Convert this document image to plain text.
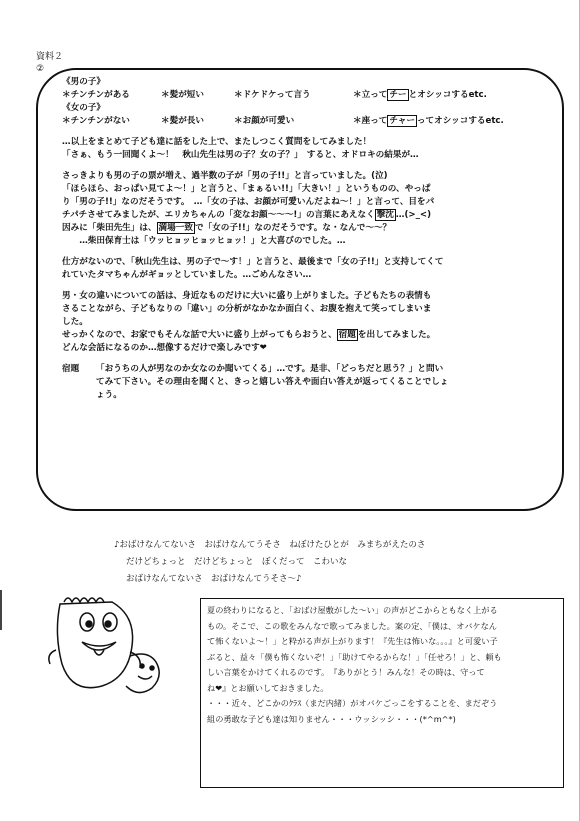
資料２
②
《男の子》
＊チンチンがある	＊髪が短い	＊ドケドケって言う	＊立って チー とオシッコするetc.
《女の子》
＊チンチンがない	＊髪が長い	＊お顔が可愛い	＊座って チャー ってオシッコするetc.
…以上をまとめて子ども達に話をした上で、またしつこく質問をしてみました！
「さぁ、もう一回聞くよ～！　秋山先生は男の子？女の子？」　すると、オドロキの結果が…
さっきよりも男の子の票が増え、過半数の子が「男の子!!」と言っていました。(泣)
「ほらほら、おっぱい見てよ～！」と言うと、「まぁるい!!」「大きい！」というものの、やっぱ
り「男の子!!」なのだそうです。　…「女の子は、お顔が可愛いんだよね～！」と言って、目をパ
チパチさせてみましたが、エリカちゃんの「変なお顔～～～!」の言葉にあえなく 撃沈 …(>_<)
因みに「柴田先生」は、 満場一致 で「女の子!!」なのだそうです。な・なんで～～？
　　…柴田保育士は「ウッヒョッヒョッヒョッ！」と大喜びのでした。…
仕方がないので、「秋山先生は、男の子で～す！」と言うと、最後まで「女の子!!」と支持してくて
れていたタマちゃんがギョッとしていました。…ごめんなさい…
男・女の違いについての話は、身近なものだけに大いに盛り上がりました。子どもたちの表情も
さることながら、子どもなりの「違い」の分析がなかなか面白く、お腹を抱えて笑ってしまいま
した。
せっかくなので、お家でもそんな話で大いに盛り上がってもらおうと、 宿題 を出してみました。
どんな会話になるのか…想像するだけで楽しみです❤
宿題 「おうちの人が男なのか女なのか聞いてくる」…です。是非、「どっちだと思う？」と問い
てみて下さい。その理由を聞くと、きっと嬉しい答えや面白い答えが返ってくることでしょ
ょう。
♪おばけなんてないさ　おばけなんてうそさ　ねぼけたひとが　みまちがえたのさ
だけどちょっと　だけどちょっと　ぼくだって　こわいな
おばけなんてないさ　おばけなんてうそさ～♪
夏の終わりになると、「おばけ屋敷がした～い」の声がどこからともなく上がる
もの。そこで、この歌をみんなで歌ってみました。案の定、「僕は、オバケなん
て怖くないよ～！」と粋がる声が上がります！『先生は怖いな。。。』と可愛い子
ぶると、益々「僕も怖くないぞ！」「助けてやるからな！」「任せろ！」と、頼も
しい言葉をかけてくれるのです。　『ありがとう！みんな！その時は、守って
ね❤』とお願いしておきました。
・・・近々、どこかのｸﾗｽ（まだ内緒）がオバケごっこをすることを、まだぞう
組の勇敢な子ども達は知りません・・・ウッシッシ・・・(*^m^*)
